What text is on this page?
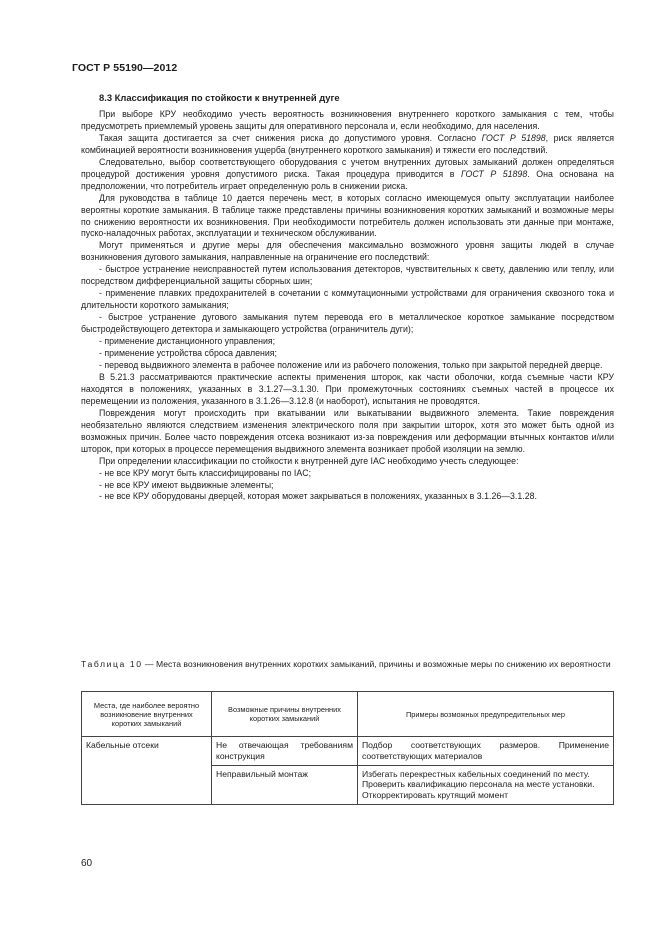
ГОСТ Р 55190—2012
8.3 Классификация по стойкости к внутренней дуге

При выборе КРУ необходимо учесть вероятность возникновения внутреннего короткого замыкания с тем, чтобы предусмотреть приемлемый уровень защиты для оперативного персонала и, если необходимо, для населения.

Такая защита достигается за счет снижения риска до допустимого уровня. Согласно ГОСТ Р 51898, риск является комбинацией вероятности возникновения ущерба (внутреннего короткого замыкания) и тяжести его последствий.

Следовательно, выбор соответствующего оборудования с учетом внутренних дуговых замыканий должен определяться процедурой достижения уровня допустимого риска. Такая процедура приводится в ГОСТ Р 51898. Она основана на предположении, что потребитель играет определенную роль в снижении риска.

Для руководства в таблице 10 дается перечень мест, в которых согласно имеющемуся опыту эксплуатации наиболее вероятны короткие замыкания. В таблице также представлены причины возникновения коротких замыканий и возможные меры по снижению вероятности их возникновения. При необходимости потребитель должен использовать эти данные при монтаже, пуско-наладочных работах, эксплуатации и техническом обслуживании.

Могут применяться и другие меры для обеспечения максимально возможного уровня защиты людей в случае возникновения дугового замыкания, направленные на ограничение его последствий:

- быстрое устранение неисправностей путем использования детекторов, чувствительных к свету, давлению или теплу, или посредством дифференциальной защиты сборных шин;

- применение плавких предохранителей в сочетании с коммутационными устройствами для ограничения сквозного тока и длительности короткого замыкания;

- быстрое устранение дугового замыкания путем перевода его в металлическое короткое замыкание посредством быстродействующего детектора и замыкающего устройства (ограничитель дуги);

- применение дистанционного управления;

- применение устройства сброса давления;

- перевод выдвижного элемента в рабочее положение или из рабочего положения, только при закрытой передней дверце.

В 5.21.3 рассматриваются практические аспекты применения шторок, как части оболочки, когда съемные части КРУ находятся в положениях, указанных в 3.1.27—3.1.30. При промежуточных состояниях съемных частей в процессе их перемещении из положения, указанного в 3.1.26—3.12.8 (и наоборот), испытания не проводятся.

Повреждения могут происходить при вкатывании или выкатывании выдвижного элемента. Такие повреждения необязательно являются следствием изменения электрического поля при закрытии шторок, хотя это может быть одной из возможных причин. Более часто повреждения отсека возникают из-за повреждения или деформации втычных контактов и/или шторок, при которых в процессе перемещения выдвижного элемента возникает пробой изоляции на землю.

При определении классификации по стойкости к внутренней дуге IAC необходимо учесть следующее:

- не все КРУ могут быть классифицированы по IAC;

- не все КРУ имеют выдвижные элементы;

- не все КРУ оборудованы дверцей, которая может закрываться в положениях, указанных в 3.1.26—3.1.28.

Таблица 10 — Места возникновения внутренних коротких замыканий, причины и возможные меры по снижению их вероятности
Места, где наиболее вероятно возникновение внутренних коротких замыканий	Возможные причины внутренних коротких замыканий	Примеры возможных предупредительных мер
Кабельные отсеки	Не отвечающая требованиям конструкция	Подбор соответствующих размеров. Применение соответствующих материалов

	Неправильный монтаж	Избегать перекрестных кабельных соединений по месту.
Проверить квалификацию персонала на месте установки.
Откорректировать крутящий момент
60
